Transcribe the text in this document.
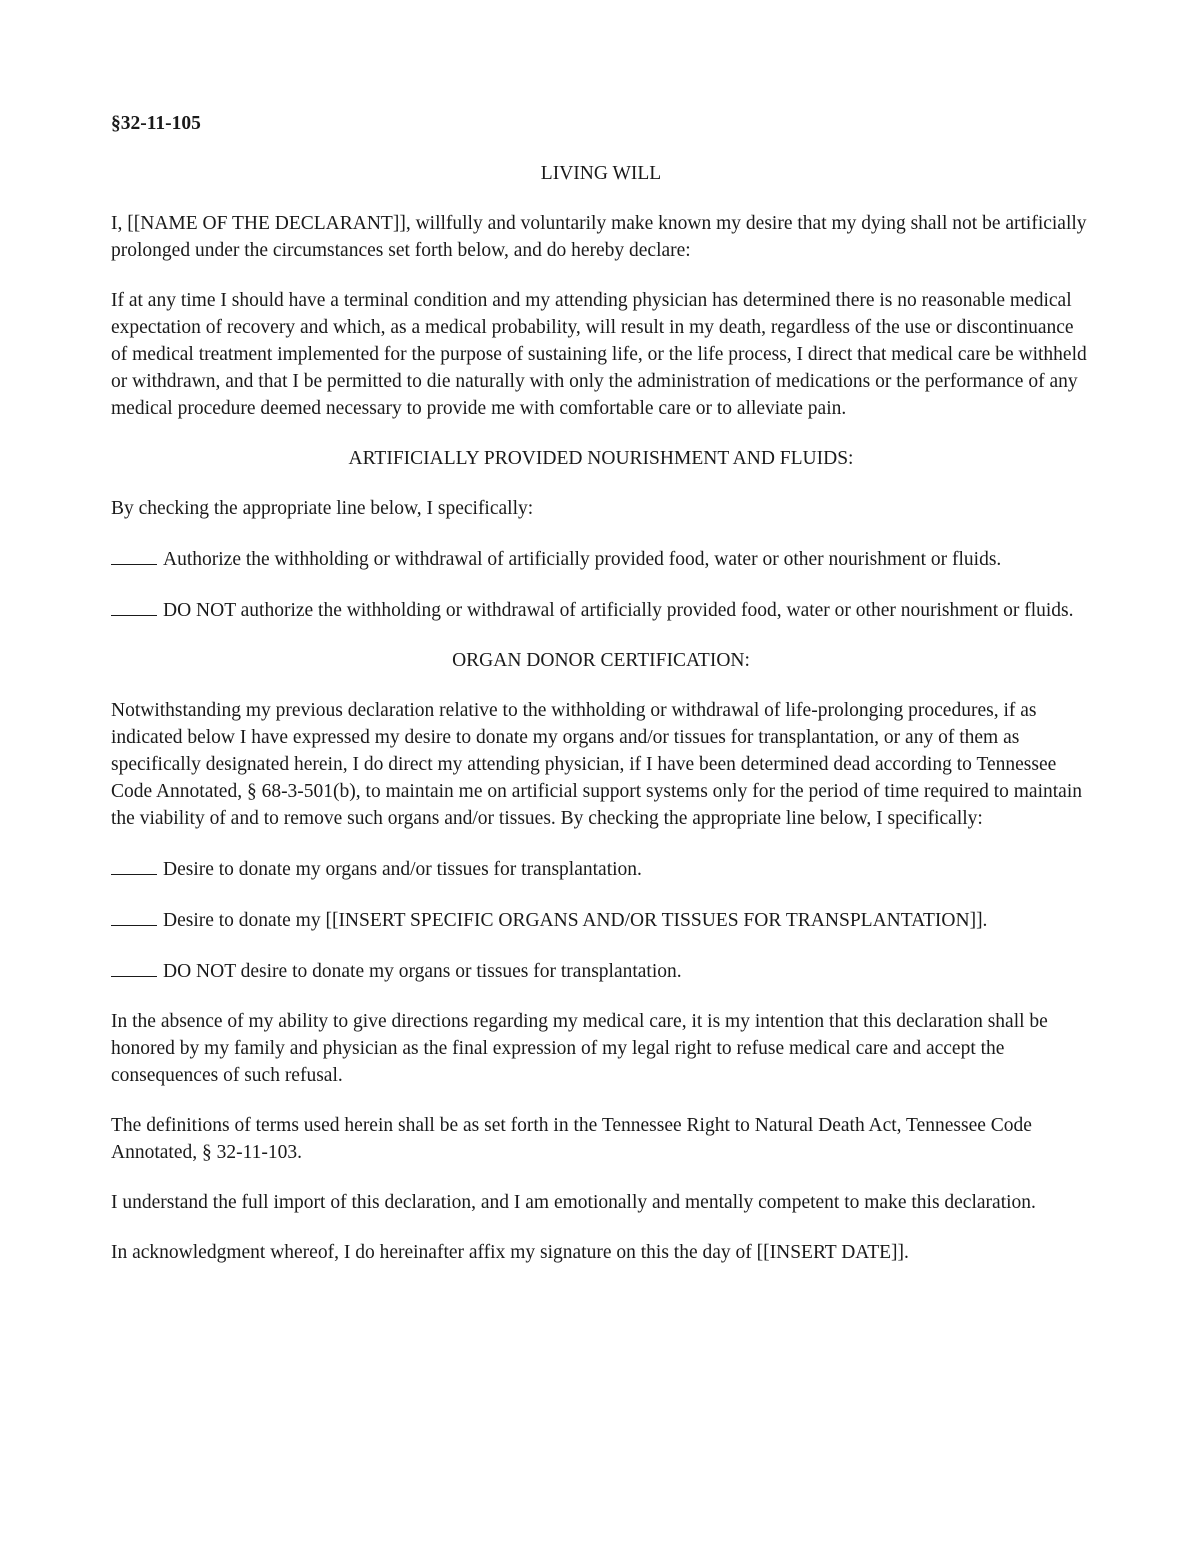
§32-11-105
LIVING WILL
I, [[NAME OF THE DECLARANT]], willfully and voluntarily make known my desire that my dying shall not be artificially prolonged under the circumstances set forth below, and do hereby declare:
If at any time I should have a terminal condition and my attending physician has determined there is no reasonable medical expectation of recovery and which, as a medical probability, will result in my death, regardless of the use or discontinuance of medical treatment implemented for the purpose of sustaining life, or the life process, I direct that medical care be withheld or withdrawn, and that I be permitted to die naturally with only the administration of medications or the performance of any medical procedure deemed necessary to provide me with comfortable care or to alleviate pain.
ARTIFICIALLY PROVIDED NOURISHMENT AND FLUIDS:
By checking the appropriate line below, I specifically:
Authorize the withholding or withdrawal of artificially provided food, water or other nourishment or fluids.
DO NOT authorize the withholding or withdrawal of artificially provided food, water or other nourishment or fluids.
ORGAN DONOR CERTIFICATION:
Notwithstanding my previous declaration relative to the withholding or withdrawal of life-prolonging procedures, if as indicated below I have expressed my desire to donate my organs and/or tissues for transplantation, or any of them as specifically designated herein, I do direct my attending physician, if I have been determined dead according to Tennessee Code Annotated, § 68-3-501(b), to maintain me on artificial support systems only for the period of time required to maintain the viability of and to remove such organs and/or tissues. By checking the appropriate line below, I specifically:
Desire to donate my organs and/or tissues for transplantation.
Desire to donate my [[INSERT SPECIFIC ORGANS AND/OR TISSUES FOR TRANSPLANTATION]].
DO NOT desire to donate my organs or tissues for transplantation.
In the absence of my ability to give directions regarding my medical care, it is my intention that this declaration shall be honored by my family and physician as the final expression of my legal right to refuse medical care and accept the consequences of such refusal.
The definitions of terms used herein shall be as set forth in the Tennessee Right to Natural Death Act, Tennessee Code Annotated, § 32-11-103.
I understand the full import of this declaration, and I am emotionally and mentally competent to make this declaration.
In acknowledgment whereof, I do hereinafter affix my signature on this the day of [[INSERT DATE]].
